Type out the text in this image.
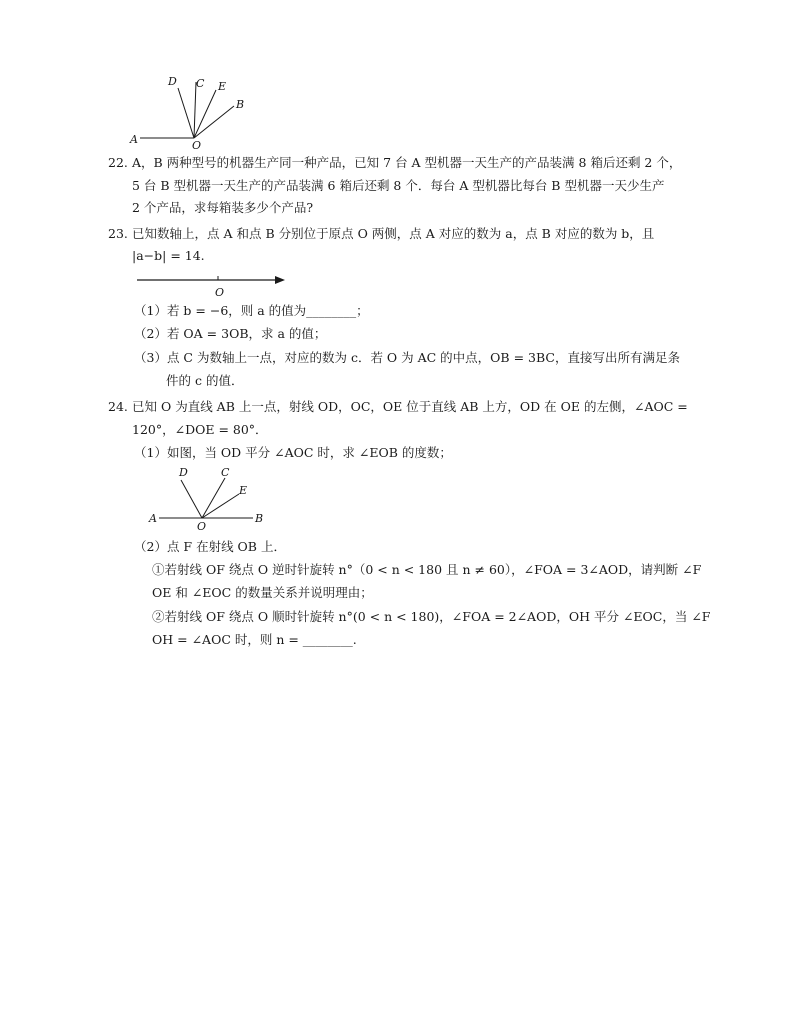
D C E
B
A	O
22. A，B 两种型号的机器生产同一种产品，已知 7 台 A 型机器一天生产的产品装满 8 箱后还剩 2 个，
5 台 B 型机器一天生产的产品装满 6 箱后还剩 8 个．每台 A 型机器比每台 B 型机器一天少生产
2 个产品，求每箱装多少个产品?
23. 已知数轴上，点 A 和点 B 分别位于原点 O 两侧，点 A 对应的数为 a，点 B 对应的数为 b，且
|a−b| = 14.
O
（1）若 b = −6，则 a 的值为________；
（2）若 OA = 3OB，求 a 的值；
（3）点 C 为数轴上一点，对应的数为 c．若 O 为 AC 的中点，OB = 3BC，直接写出所有满足条
件的 c 的值．
24. 已知 O 为直线 AB 上一点，射线 OD，OC，OE 位于直线 AB 上方，OD 在 OE 的左侧，∠AOC =
120°，∠DOE = 80°．
（1）如图，当 OD 平分 ∠AOC 时，求 ∠EOB 的度数；
D	C
E
A
O
B
（2）点 F 在射线 OB 上．
①若射线 OF 绕点 O 逆时针旋转 n°（0 < n < 180 且 n ≠ 60），∠FOA = 3∠AOD，请判断 ∠F
OE 和 ∠EOC 的数量关系并说明理由；
②若射线 OF 绕点 O 顺时针旋转 n°(0 < n < 180)，∠FOA = 2∠AOD，OH 平分 ∠EOC，当 ∠F
OH = ∠AOC 时，则 n = ________.
